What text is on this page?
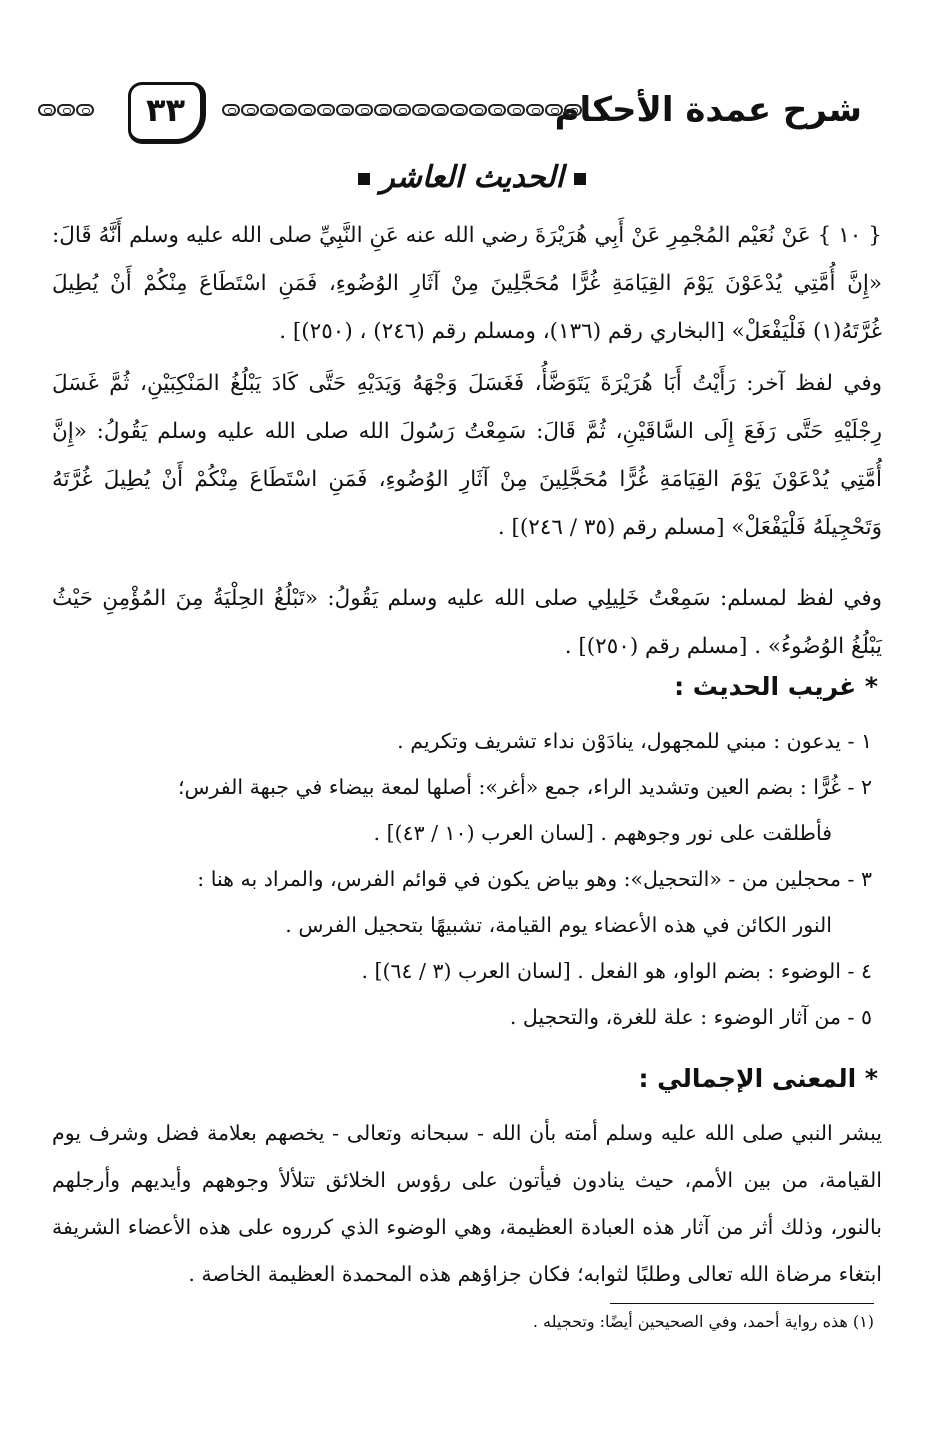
شرح عمدة الأحكام
٣٣
الحديث العاشر
{ ١٠ } عَنْ نُعَيْم المُجْمِرِ عَنْ أَبِي هُرَيْرَةَ رضي الله عنه عَنِ النَّبِيِّ صلى الله عليه وسلم أَنَّهُ قَالَ: «إِنَّ أُمَّتِي يُدْعَوْنَ يَوْمَ القِيَامَةِ غُرًّا مُحَجَّلِينَ مِنْ آثَارِ الوُضُوءِ، فَمَنِ اسْتَطَاعَ مِنْكُمْ أَنْ يُطِيلَ غُرَّتَهُ(١) فَلْيَفْعَلْ» [البخاري رقم (١٣٦)، ومسلم رقم (٢٤٦) ، (٢٥٠)] .
وفي لفظ آخر: رَأَيْتُ أَبَا هُرَيْرَةَ يَتَوَضَّأُ، فَغَسَلَ وَجْهَهُ وَيَدَيْهِ حَتَّى كَادَ يَبْلُغُ المَنْكِبَيْنِ، ثُمَّ غَسَلَ رِجْلَيْهِ حَتَّى رَفَعَ إِلَى السَّاقَيْنِ، ثُمَّ قَالَ: سَمِعْتُ رَسُولَ الله صلى الله عليه وسلم يَقُولُ: «إِنَّ أُمَّتِي يُدْعَوْنَ يَوْمَ القِيَامَةِ غُرًّا مُحَجَّلِينَ مِنْ آثَارِ الوُضُوءِ، فَمَنِ اسْتَطَاعَ مِنْكُمْ أَنْ يُطِيلَ غُرَّتَهُ وَتَحْجِيلَهُ فَلْيَفْعَلْ» [مسلم رقم (٣٥ / ٢٤٦)] .
وفي لفظ لمسلم: سَمِعْتُ خَلِيلِي صلى الله عليه وسلم يَقُولُ: «تَبْلُغُ الحِلْيَةُ مِنَ المُؤْمِنِ حَيْثُ يَبْلُغُ الوُضُوءُ» . [مسلم رقم (٢٥٠)] .
* غريب الحديث :
١ - يدعون : مبني للمجهول، ينادَوْن نداء تشريف وتكريم .
٢ - غُرًّا : بضم العين وتشديد الراء، جمع «أغر»: أصلها لمعة بيضاء في جبهة الفرس؛
فأطلقت على نور وجوههم . [لسان العرب (١٠ / ٤٣)] .
٣ - محجلين من - «التحجيل»: وهو بياض يكون في قوائم الفرس، والمراد به هنا :
النور الكائن في هذه الأعضاء يوم القيامة، تشبيهًا بتحجيل الفرس .
٤ - الوضوء : بضم الواو، هو الفعل . [لسان العرب (٣ / ٦٤)] .
٥ - من آثار الوضوء : علة للغرة، والتحجيل .
* المعنى الإجمالي :
يبشر النبي صلى الله عليه وسلم أمته بأن الله - سبحانه وتعالى - يخصهم بعلامة فضل وشرف يوم القيامة، من بين الأمم، حيث ينادون فيأتون على رؤوس الخلائق تتلألأ وجوههم وأيديهم وأرجلهم بالنور، وذلك أثر من آثار هذه العبادة العظيمة، وهي الوضوء الذي كرروه على هذه الأعضاء الشريفة ابتغاء مرضاة الله تعالى وطلبًا لثوابه؛ فكان جزاؤهم هذه المحمدة العظيمة الخاصة .
(١) هذه رواية أحمد، وفي الصحيحين أيضًا: وتحجيله .
